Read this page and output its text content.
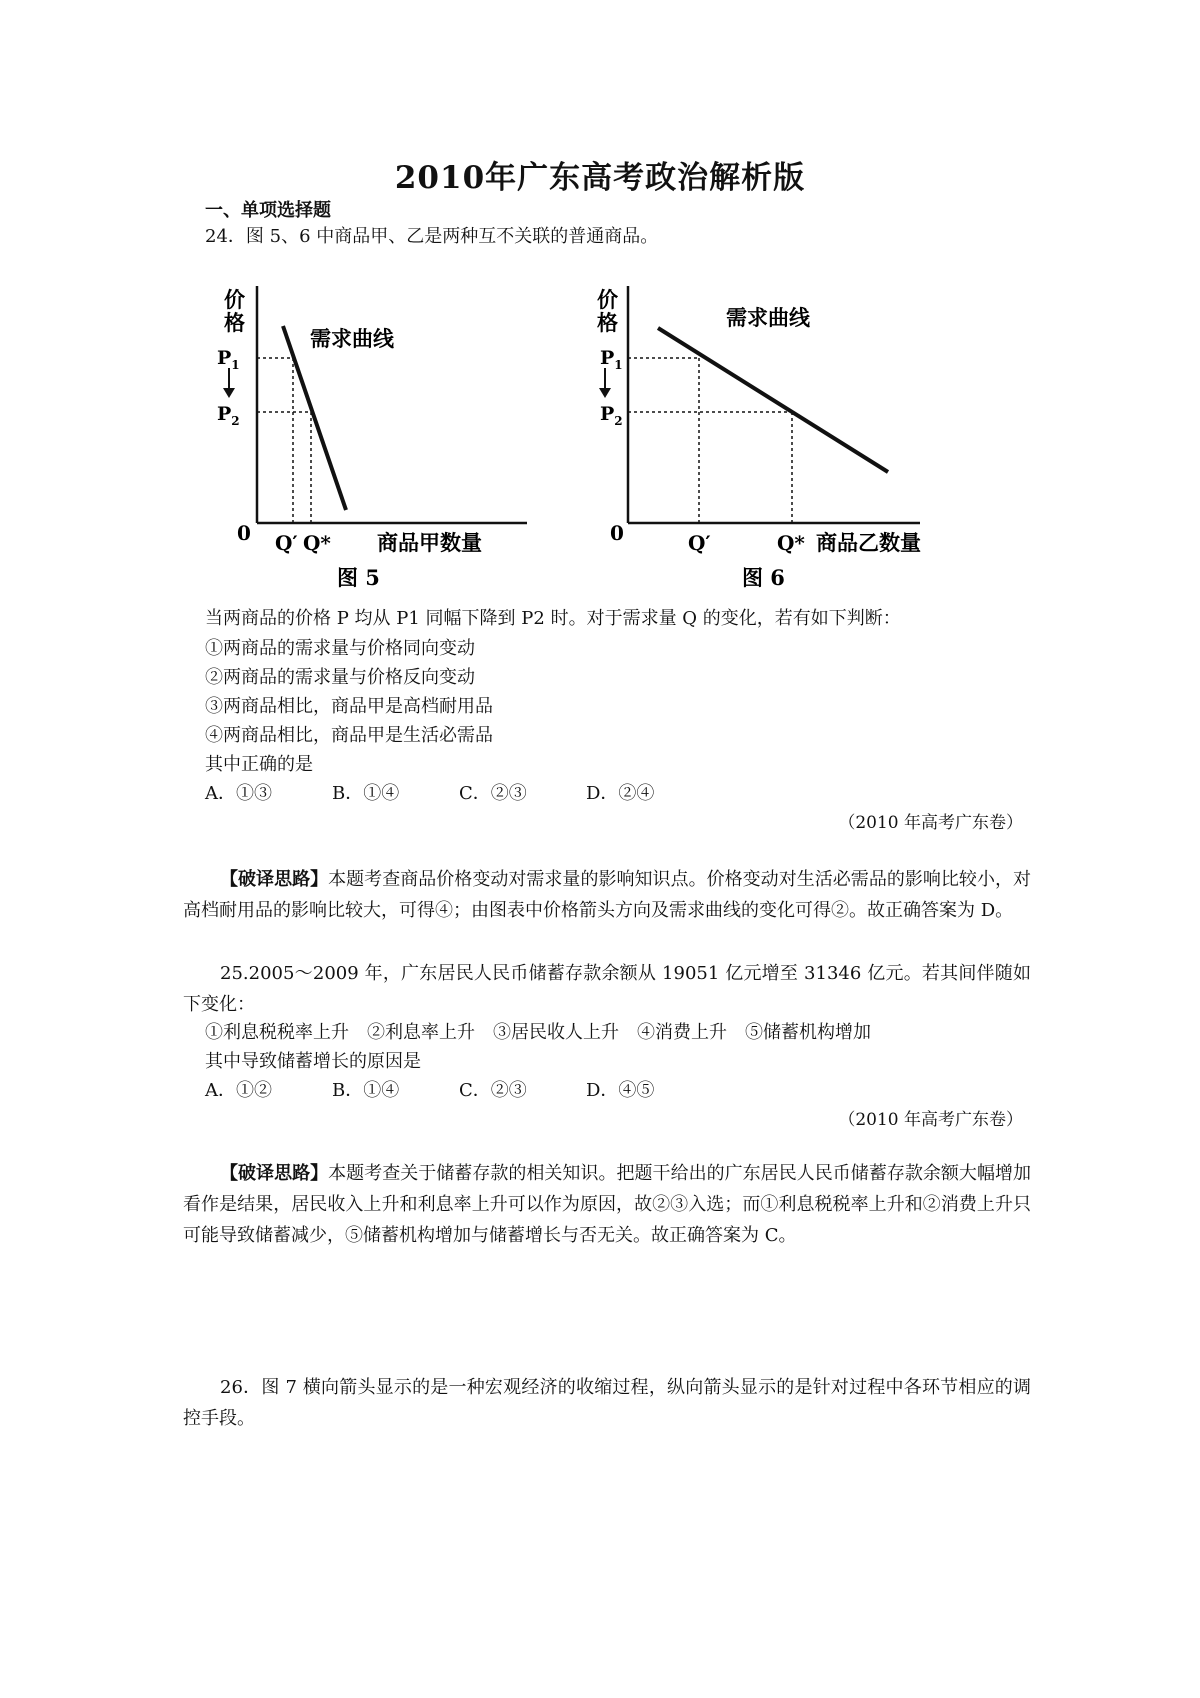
2010年广东高考政治解析版
一、单项选择题
24．图 5、6 中商品甲、乙是两种互不关联的普通商品。
价
格
$P_1$
$P_2$
需求曲线
0 Q′ Q* 商品甲数量
图 5
价
格
$P_1$
$P_2$
需求曲线
0	Q′	Q* 商品乙数量
图 6
当两商品的价格 P 均从 P1 同幅下降到 P2 时。对于需求量 Q 的变化，若有如下判断：
①两商品的需求量与价格同向变动
②两商品的需求量与价格反向变动
③两商品相比，商品甲是高档耐用品
④两商品相比，商品甲是生活必需品
其中正确的是
A．①③	B．①④	C．②③	D．②④
（2010 年高考广东卷）
【破译思路】本题考查商品价格变动对需求量的影响知识点。价格变动对生活必需品的影响比较小，对高档耐用品的影响比较大，可得④；由图表中价格箭头方向及需求曲线的变化可得②。故正确答案为 D。
25.2005～2009 年，广东居民人民币储蓄存款余额从 19051 亿元增至 31346 亿元。若其间伴随如下变化：
①利息税税率上升　②利息率上升　③居民收人上升　④消费上升　⑤储蓄机构增加
其中导致储蓄增长的原因是
A．①②	B．①④	C．②③	D．④⑤
（2010 年高考广东卷）
【破译思路】本题考查关于储蓄存款的相关知识。把题干给出的广东居民人民币储蓄存款余额大幅增加看作是结果，居民收入上升和利息率上升可以作为原因，故②③入选；而①利息税税率上升和②消费上升只可能导致储蓄减少，⑤储蓄机构增加与储蓄增长与否无关。故正确答案为 C。
26．图 7 横向箭头显示的是一种宏观经济的收缩过程，纵向箭头显示的是针对过程中各环节相应的调控手段。
